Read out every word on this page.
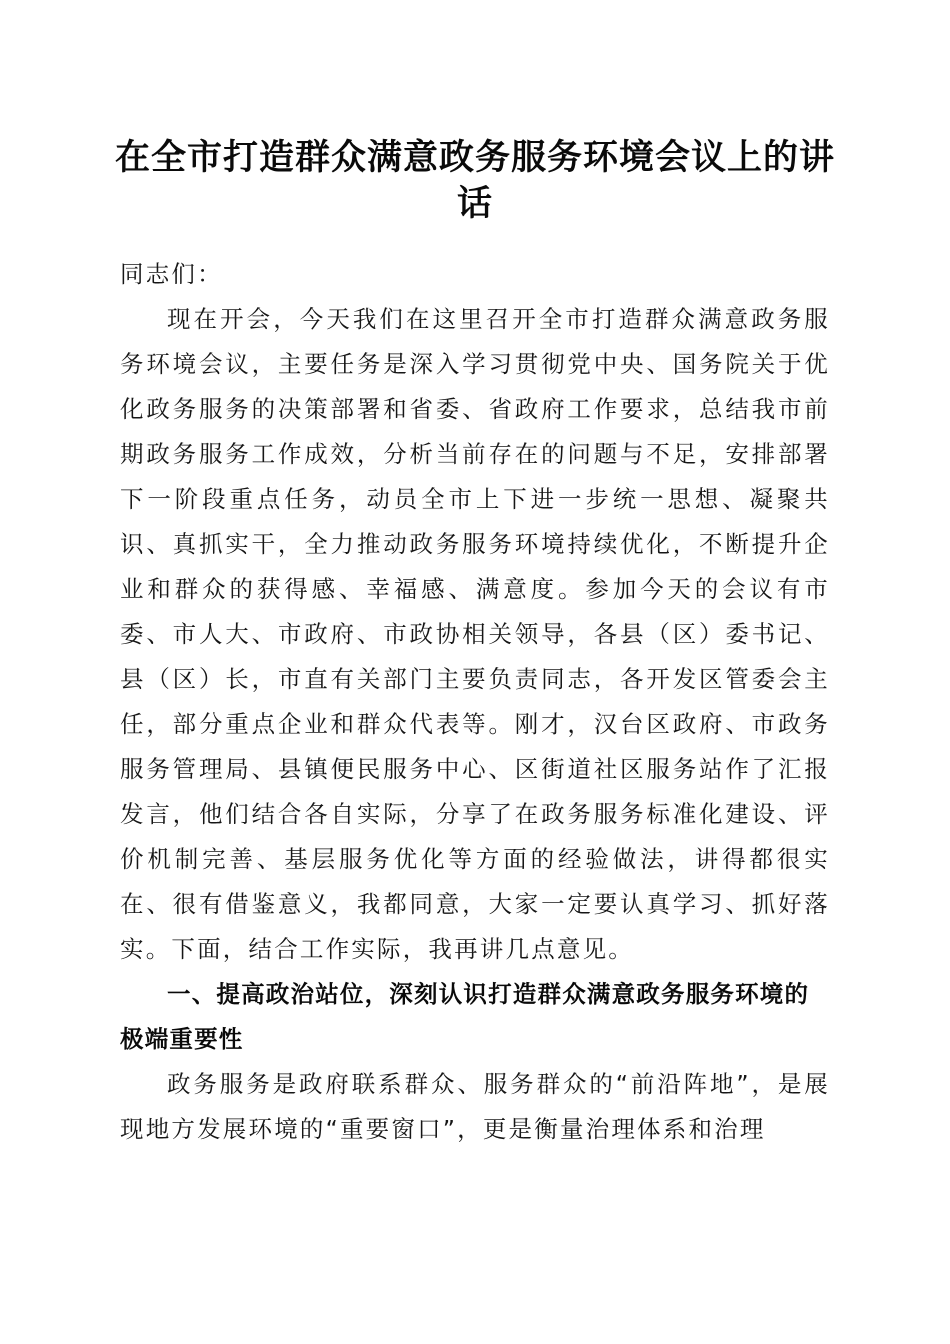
在全市打造群众满意政务服务环境会议上的讲话

同志们：

现在开会，今天我们在这里召开全市打造群众满意政务服务环境会议，主要任务是深入学习贯彻党中央、国务院关于优化政务服务的决策部署和省委、省政府工作要求，总结我市前期政务服务工作成效，分析当前存在的问题与不足，安排部署下一阶段重点任务，动员全市上下进一步统一思想、凝聚共识、真抓实干，全力推动政务服务环境持续优化，不断提升企业和群众的获得感、幸福感、满意度。参加今天的会议有市委、市人大、市政府、市政协相关领导，各县（区）委书记、县（区）长，市直有关部门主要负责同志，各开发区管委会主任，部分重点企业和群众代表等。刚才，汉台区政府、市政务服务管理局、县镇便民服务中心、区街道社区服务站作了汇报发言，他们结合各自实际，分享了在政务服务标准化建设、评价机制完善、基层服务优化等方面的经验做法，讲得都很实在、很有借鉴意义，我都同意，大家一定要认真学习、抓好落实。下面，结合工作实际，我再讲几点意见。

一、提高政治站位，深刻认识打造群众满意政务服务环境的极端重要性

政务服务是政府联系群众、服务群众的“前沿阵地”，是展现地方发展环境的“重要窗口”，更是衡量治理体系和治理
